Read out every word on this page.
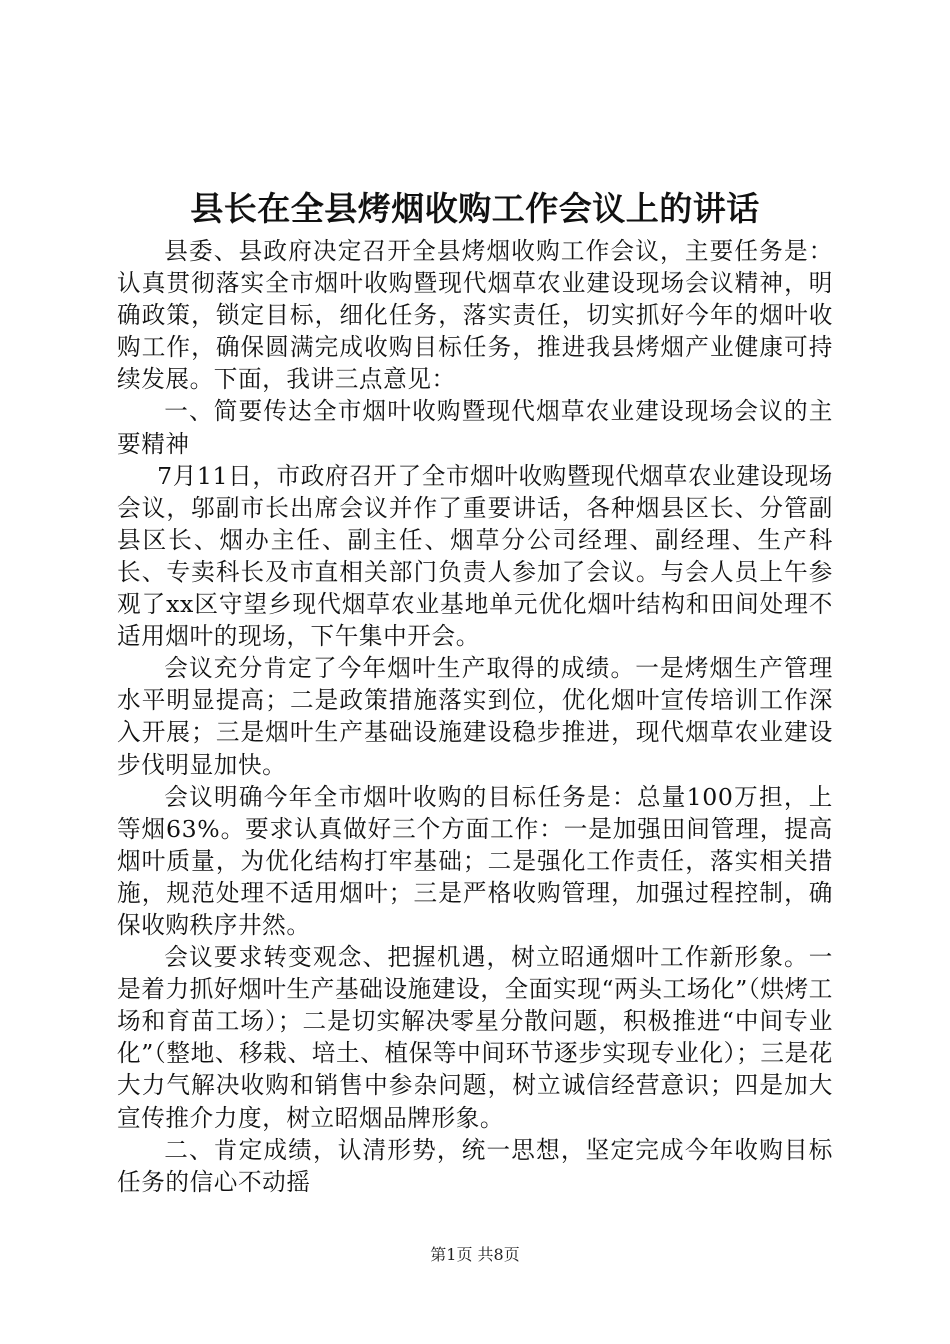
县长在全县烤烟收购工作会议上的讲话

县委、县政府决定召开全县烤烟收购工作会议，主要任务是：认真贯彻落实全市烟叶收购暨现代烟草农业建设现场会议精神，明确政策，锁定目标，细化任务，落实责任，切实抓好今年的烟叶收购工作，确保圆满完成收购目标任务，推进我县烤烟产业健康可持续发展。下面，我讲三点意见：

一、简要传达全市烟叶收购暨现代烟草农业建设现场会议的主要精神

7月11日，市政府召开了全市烟叶收购暨现代烟草农业建设现场会议，邬副市长出席会议并作了重要讲话，各种烟县区长、分管副县区长、烟办主任、副主任、烟草分公司经理、副经理、生产科长、专卖科长及市直相关部门负责人参加了会议。与会人员上午参观了xx区守望乡现代烟草农业基地单元优化烟叶结构和田间处理不适用烟叶的现场，下午集中开会。

会议充分肯定了今年烟叶生产取得的成绩。一是烤烟生产管理水平明显提高；二是政策措施落实到位，优化烟叶宣传培训工作深入开展；三是烟叶生产基础设施建设稳步推进，现代烟草农业建设步伐明显加快。

会议明确今年全市烟叶收购的目标任务是：总量100万担，上等烟63%。要求认真做好三个方面工作：一是加强田间管理，提高烟叶质量，为优化结构打牢基础；二是强化工作责任，落实相关措施，规范处理不适用烟叶；三是严格收购管理，加强过程控制，确保收购秩序井然。

会议要求转变观念、把握机遇，树立昭通烟叶工作新形象。一是着力抓好烟叶生产基础设施建设，全面实现“两头工场化”（烘烤工场和育苗工场）；二是切实解决零星分散问题，积极推进“中间专业化”（整地、移栽、培土、植保等中间环节逐步实现专业化）；三是花大力气解决收购和销售中参杂问题，树立诚信经营意识；四是加大宣传推介力度，树立昭烟品牌形象。

二、肯定成绩，认清形势，统一思想，坚定完成今年收购目标任务的信心不动摇

第1页 共8页
